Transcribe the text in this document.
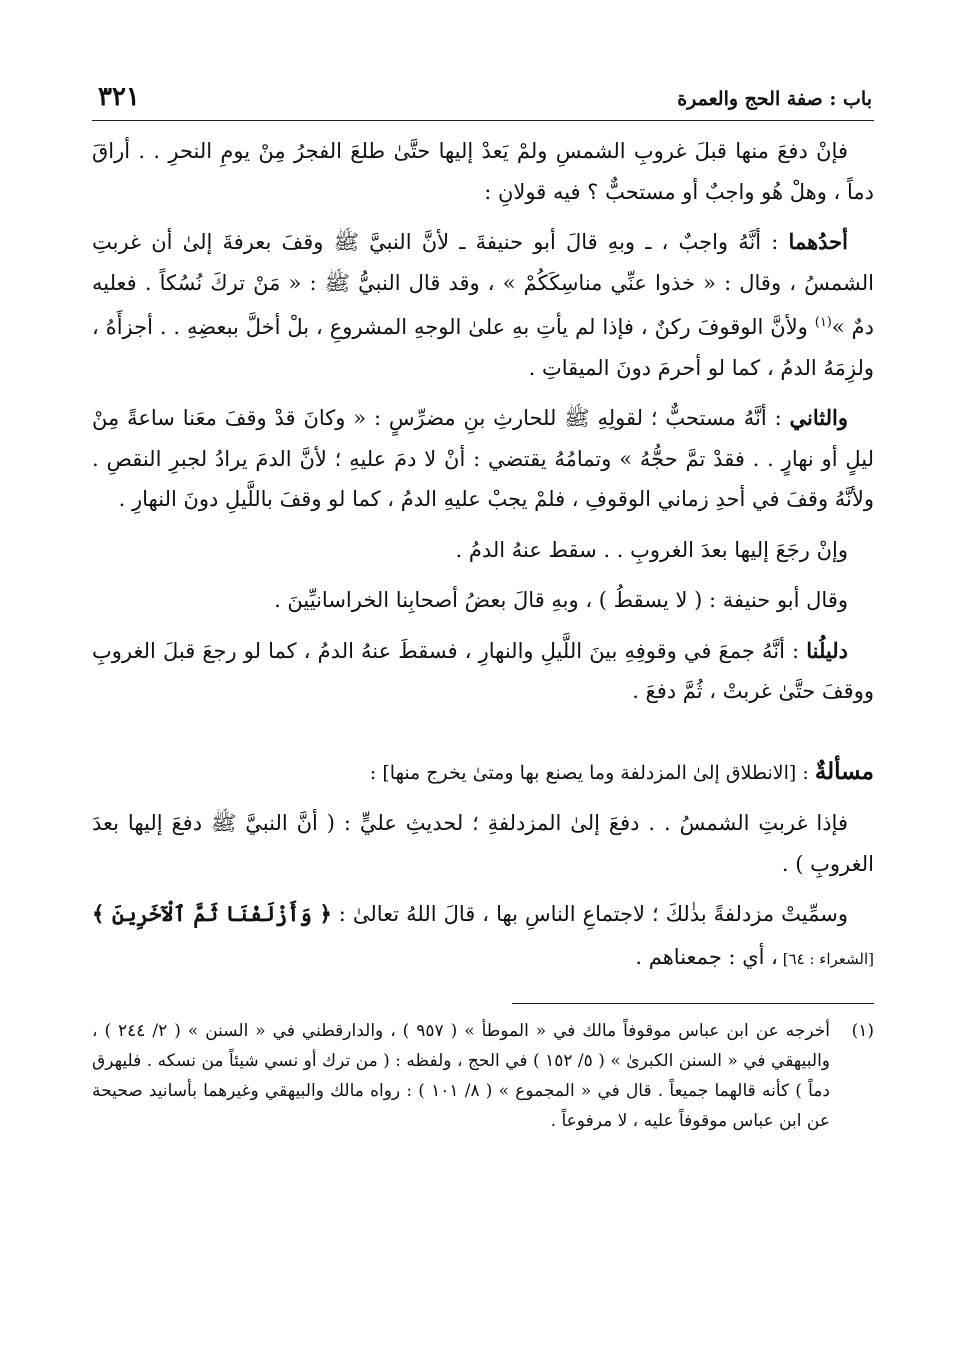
باب : صفة الحج والعمرة
٣٢١

فإنْ دفعَ منها قبلَ غروبِ الشمسِ ولمْ يَعدْ إليها حتَّىٰ طلعَ الفجرُ مِنْ يومِ النحرِ . . أراقَ دماً ، وهلْ هُو واجبٌ أو مستحبٌّ ؟ فيه قولانِ :

أحدُهما : أنَّهُ واجبٌ ، ـ وبهِ قالَ أبو حنيفةَ ـ لأنَّ النبيَّ ﷺ وقفَ بعرفةَ إلىٰ أن غربتِ الشمسُ ، وقال : « خذوا عنِّي مناسِكَكُمْ » ، وقد قال النبيُّ ﷺ : « مَنْ تركَ نُسُكاً . فعليه دمٌ »$^{(١)}$ ولأنَّ الوقوفَ ركنٌ ، فإذا لم يأتِ بهِ علىٰ الوجهِ المشروعِ ، بلْ أخلَّ ببعضِهِ . . أجزأَهُ ، ولزِمَهُ الدمُ ، كما لو أحرمَ دونَ الميقاتِ .

والثاني : أنَّهُ مستحبٌّ ؛ لقولِهِ ﷺ للحارثِ بنِ مضرِّسٍ : « وكانَ قدْ وقفَ معَنا ساعةً مِنْ ليلٍ أو نهارٍ . . فقدْ تمَّ حجُّهُ » وتمامُهُ يقتضي : أنْ لا دمَ عليهِ ؛ لأنَّ الدمَ يرادُ لجبرِ النقصِ . ولأنَّهُ وقفَ في أحدِ زماني الوقوفِ ، فلمْ يجبْ عليهِ الدمُ ، كما لو وقفَ باللَّيلِ دونَ النهارِ .

وإنْ رجَعَ إليها بعدَ الغروبِ . . سقط عنهُ الدمُ .

وقال أبو حنيفة : ( لا يسقطُ ) ، وبهِ قالَ بعضُ أصحابِنا الخراسانيِّينَ .

دليلُنا : أنَّهُ جمعَ في وقوفِهِ بينَ اللَّيلِ والنهارِ ، فسقطَ عنهُ الدمُ ، كما لو رجعَ قبلَ الغروبِ ووقفَ حتَّىٰ غربتْ ، ثُمَّ دفعَ .

مسألةٌ : [الانطلاق إلىٰ المزدلفة وما يصنع بها ومتىٰ يخرج منها] :

فإذا غربتِ الشمسُ . . دفعَ إلىٰ المزدلفةِ ؛ لحديثِ عليٍّ : ( أنَّ النبيَّ ﷺ دفعَ إليها بعدَ الغروبِ ) .

وسمِّيتْ مزدلفةً بذٰلكَ ؛ لاجتماعِ الناسِ بها ، قالَ اللهُ تعالىٰ : ﴿ وَأَزْلَفْنَا ثَمَّ ٱلْآخَرِينَ ﴾ [الشعراء : ٦٤] ، أي : جمعناهم .

(١)
أخرجه عن ابن عباس موقوفاً مالك في « الموطأ » ( ٩٥٧ ) ، والدارقطني في « السنن » ( ٢/ ٢٤٤ ) ، والبيهقي في « السنن الكبرىٰ » ( ٥/ ١٥٢ ) في الحج ، ولفظه : ( من ترك أو نسي شيئاً من نسكه . فليهرق دماً ) كأنه قالهما جميعاً . قال في « المجموع » ( ٨/ ١٠١ ) : رواه مالك والبيهقي وغيرهما بأسانيد صحيحة عن ابن عباس موقوفاً عليه ، لا مرفوعاً .
